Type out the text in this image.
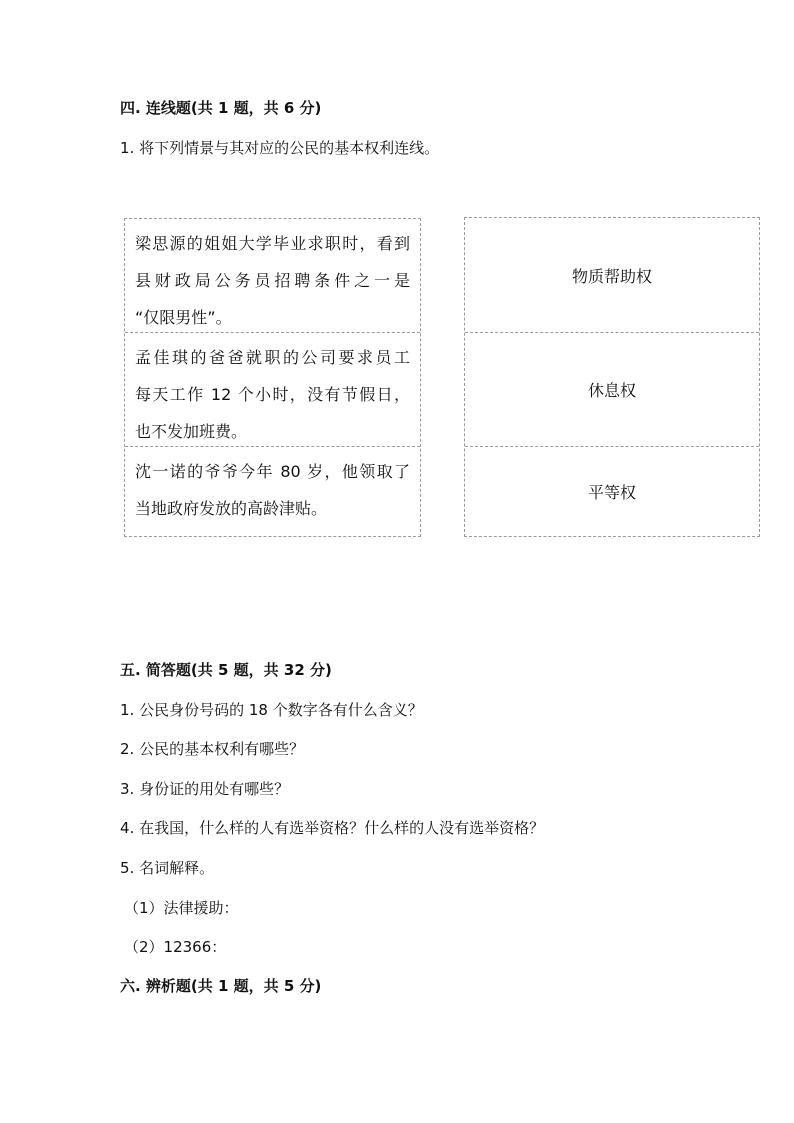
四. 连线题(共 1 题，共 6 分)
1. 将下列情景与其对应的公民的基本权利连线。
梁思源的姐姐大学毕业求职时，看到
县财政局公务员招聘条件之一是
“仅限男性”。
孟佳琪的爸爸就职的公司要求员工
每天工作 12 个小时，没有节假日，
也不发加班费。
沈一诺的爷爷今年 80 岁，他领取了
当地政府发放的高龄津贴。
物质帮助权
休息权
平等权
五. 简答题(共 5 题，共 32 分)
1. 公民身份号码的 18 个数字各有什么含义？
2. 公民的基本权利有哪些？
3. 身份证的用处有哪些？
4. 在我国，什么样的人有选举资格？什么样的人没有选举资格？
5. 名词解释。
（1）法律援助：
（2）12366：
六. 辨析题(共 1 题，共 5 分)
